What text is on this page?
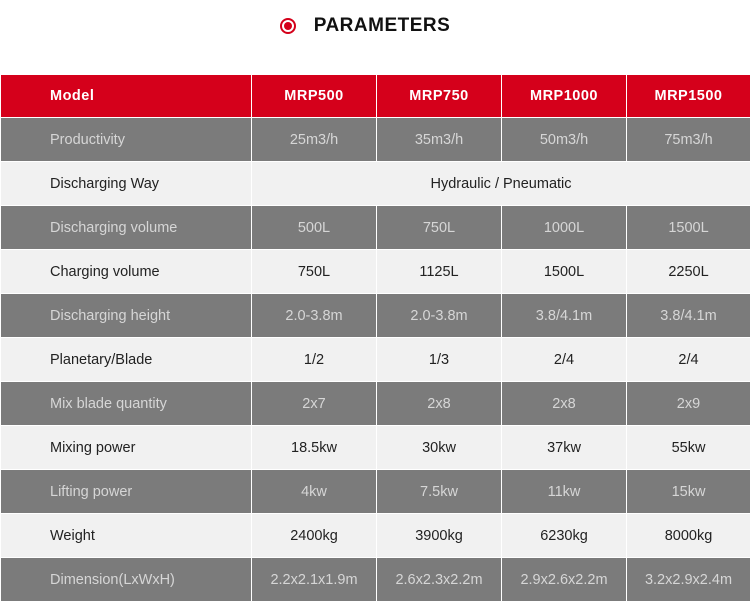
PARAMETERS
Model	MRP500	MRP750	MRP1000	MRP1500
Productivity	25m3/h	35m3/h	50m3/h	75m3/h
Discharging Way	Hydraulic / Pneumatic			
Discharging volume	500L	750L	1000L	1500L
Charging volume	750L	1125L	1500L	2250L
Discharging height	2.0-3.8m	2.0-3.8m	3.8/4.1m	3.8/4.1m
Planetary/Blade	1/2	1/3	2/4	2/4
Mix blade quantity	2x7	2x8	2x8	2x9
Mixing power	18.5kw	30kw	37kw	55kw
Lifting power	4kw	7.5kw	11kw	15kw
Weight	2400kg	3900kg	6230kg	8000kg
Dimension(LxWxH)	2.2x2.1x1.9m	2.6x2.3x2.2m	2.9x2.6x2.2m	3.2x2.9x2.4m
